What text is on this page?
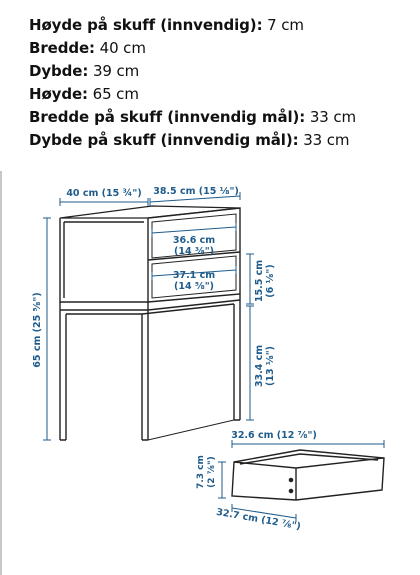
Høyde på skuff (innvendig): 7 cm
Bredde: 40 cm
Dybde: 39 cm
Høyde: 65 cm
Bredde på skuff (innvendig mål): 33 cm
Dybde på skuff (innvendig mål): 33 cm
40 cm (15 ¾") 38.5 cm (15 ⅛")
65 cm (25 ⅝")
36.6 cm
(14 ⅜")
37.1 cm
(14 ⅝")	15.5 cm (6 ⅛")
33.4 cm (13 ⅛")
32.6 cm (12 ⅞")
7.3 cm (2 ⅞")
32.7 cm (12 ⅞")
